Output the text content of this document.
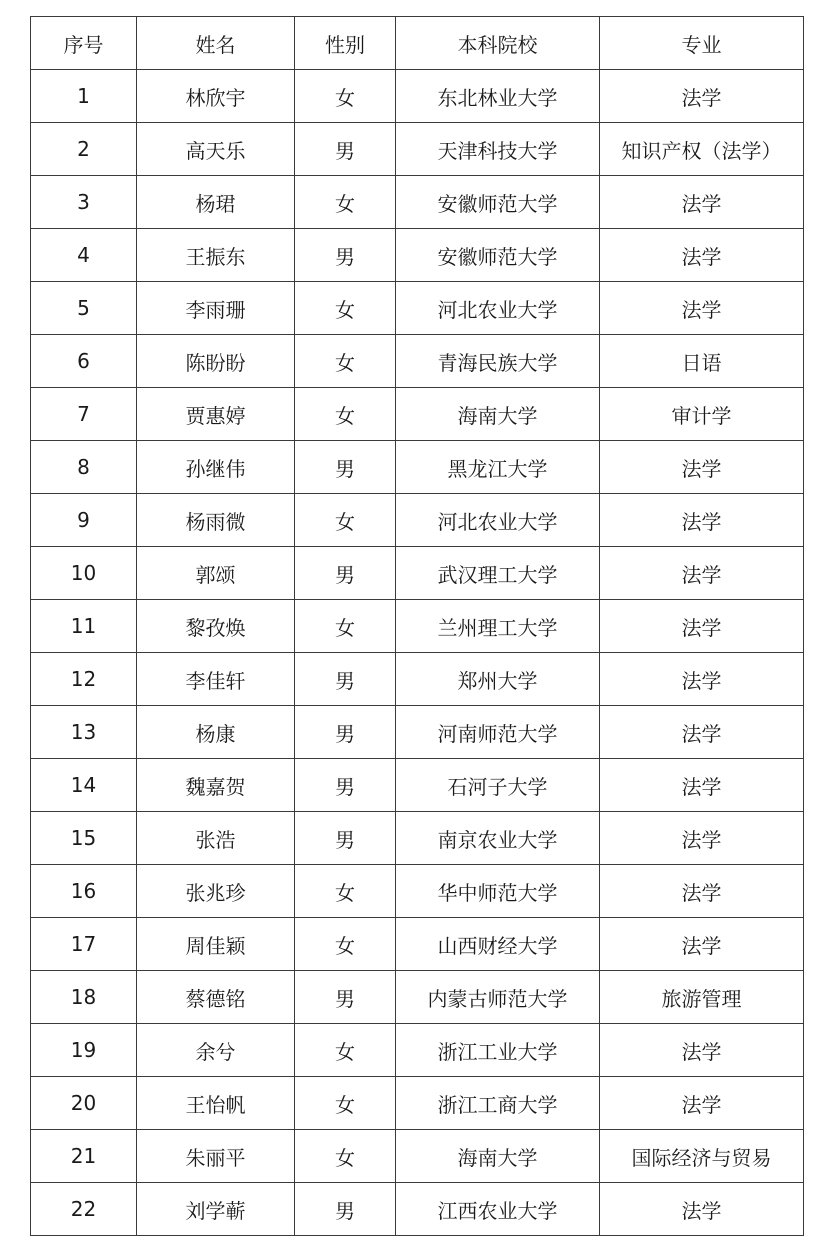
序号	姓名	性别	本科院校	专业
1	林欣宇	女	东北林业大学	法学
2	高天乐	男	天津科技大学	知识产权（法学）
3	杨珺	女	安徽师范大学	法学
4	王振东	男	安徽师范大学	法学
5	李雨珊	女	河北农业大学	法学
6	陈盼盼	女	青海民族大学	日语
7	贾惠婷	女	海南大学	审计学
8	孙继伟	男	黑龙江大学	法学
9	杨雨微	女	河北农业大学	法学
10	郭颂	男	武汉理工大学	法学
11	黎孜焕	女	兰州理工大学	法学
12	李佳轩	男	郑州大学	法学
13	杨康	男	河南师范大学	法学
14	魏嘉贺	男	石河子大学	法学
15	张浩	男	南京农业大学	法学
16	张兆珍	女	华中师范大学	法学
17	周佳颖	女	山西财经大学	法学
18	蔡德铭	男	内蒙古师范大学	旅游管理
19	余兮	女	浙江工业大学	法学
20	王怡帆	女	浙江工商大学	法学
21	朱丽平	女	海南大学	国际经济与贸易
22	刘学蕲	男	江西农业大学	法学
